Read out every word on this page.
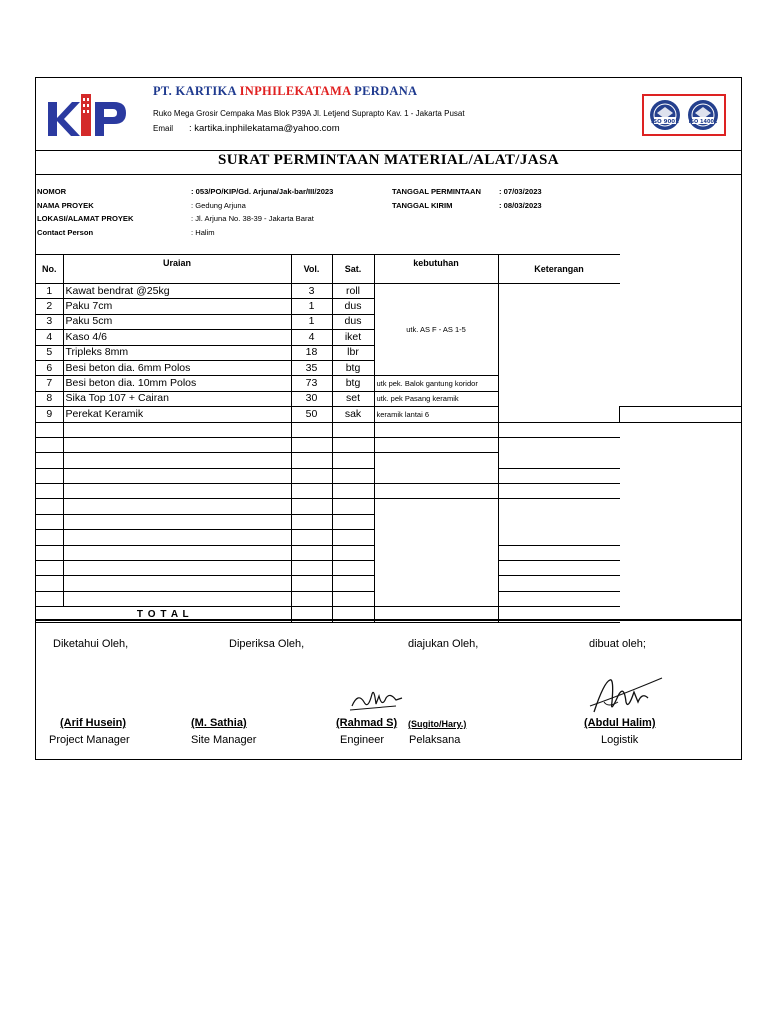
PT. KARTIKA INPHILEKATAMA PERDANA
Ruko Mega Grosir Cempaka Mas Blok P39A Jl. Letjend Suprapto Kav. 1 - Jakarta Pusat
Email : kartika.inphilekatama@yahoo.com
ISO 9001 ISO 14001
SURAT PERMINTAAN MATERIAL/ALAT/JASA
NOMOR	: 053/PO/KIP/Gd. Arjuna/Jak-bar/III/2023
NAMA PROYEK	: Gedung Arjuna
LOKASI/ALAMAT PROYEK	: Jl. Arjuna No. 38-39 - Jakarta Barat
Contact Person	: Halim
TANGGAL PERMINTAAN : 07/03/2023
TANGGAL KIRIM	: 08/03/2023
No.	Uraian	Vol.	Sat.	kebutuhan	Keterangan	
1	Kawat bendrat @25kg	3	roll	utk. AS F - AS 1-5		
2	Paku 7cm	1	dus			
3	Paku 5cm	1	dus			
4	Kaso 4/6	4	iket			
5	Tripleks 8mm	18	lbr			
6	Besi beton dia. 6mm Polos	35	btg			
7	Besi beton dia. 10mm Polos	73	btg	utk pek. Balok gantung koridor		
8	Sika Top 107 + Cairan	30	set	utk. pek Pasang keramik		
9	Perekat Keramik	50	sak	keramik lantai 6		

T O T A L						
Diketahui Oleh,	Diperiksa Oleh,	diajukan Oleh,	dibuat oleh;
(Arif Husein)
Project Manager
(M. Sathia)
Site Manager
(Rahmad S)
Engineer
(Sugito/Hary.)
Pelaksana
(Abdul Halim)
Logistik
